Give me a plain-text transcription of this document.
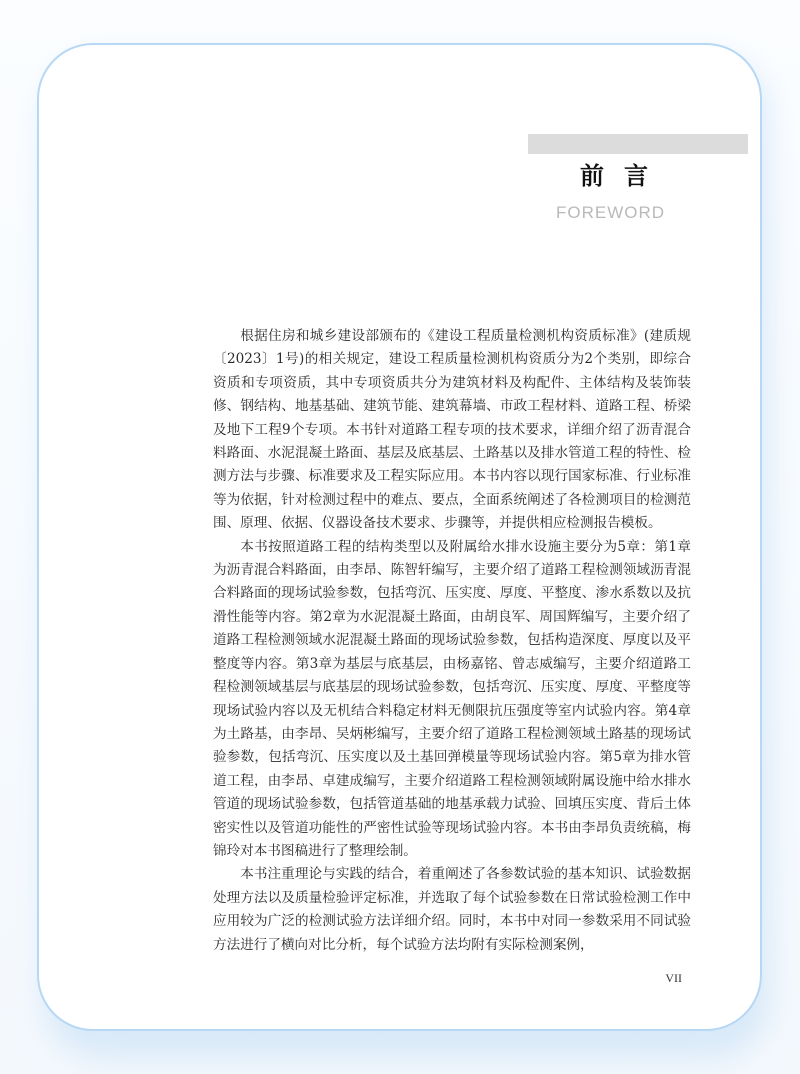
前言
FOREWORD

根据住房和城乡建设部颁布的《建设工程质量检测机构资质标准》(建质规〔2023〕1号)的相关规定，建设工程质量检测机构资质分为2个类别，即综合资质和专项资质，其中专项资质共分为建筑材料及构配件、主体结构及装饰装修、钢结构、地基基础、建筑节能、建筑幕墙、市政工程材料、道路工程、桥梁及地下工程9个专项。本书针对道路工程专项的技术要求，详细介绍了沥青混合料路面、水泥混凝土路面、基层及底基层、土路基以及排水管道工程的特性、检测方法与步骤、标准要求及工程实际应用。本书内容以现行国家标准、行业标准等为依据，针对检测过程中的难点、要点，全面系统阐述了各检测项目的检测范围、原理、依据、仪器设备技术要求、步骤等，并提供相应检测报告模板。

本书按照道路工程的结构类型以及附属给水排水设施主要分为5章：第1章为沥青混合料路面，由李昂、陈智轩编写，主要介绍了道路工程检测领域沥青混合料路面的现场试验参数，包括弯沉、压实度、厚度、平整度、渗水系数以及抗滑性能等内容。第2章为水泥混凝土路面，由胡良军、周国辉编写，主要介绍了道路工程检测领域水泥混凝土路面的现场试验参数，包括构造深度、厚度以及平整度等内容。第3章为基层与底基层，由杨嘉铭、曾志威编写，主要介绍道路工程检测领域基层与底基层的现场试验参数，包括弯沉、压实度、厚度、平整度等现场试验内容以及无机结合料稳定材料无侧限抗压强度等室内试验内容。第4章为土路基，由李昂、吴炳彬编写，主要介绍了道路工程检测领域土路基的现场试验参数，包括弯沉、压实度以及土基回弹模量等现场试验内容。第5章为排水管道工程，由李昂、卓建成编写，主要介绍道路工程检测领域附属设施中给水排水管道的现场试验参数，包括管道基础的地基承载力试验、回填压实度、背后土体密实性以及管道功能性的严密性试验等现场试验内容。本书由李昂负责统稿，梅锦玲对本书图稿进行了整理绘制。

本书注重理论与实践的结合，着重阐述了各参数试验的基本知识、试验数据处理方法以及质量检验评定标准，并选取了每个试验参数在日常试验检测工作中应用较为广泛的检测试验方法详细介绍。同时，本书中对同一参数采用不同试验方法进行了横向对比分析，每个试验方法均附有实际检测案例，

VII
